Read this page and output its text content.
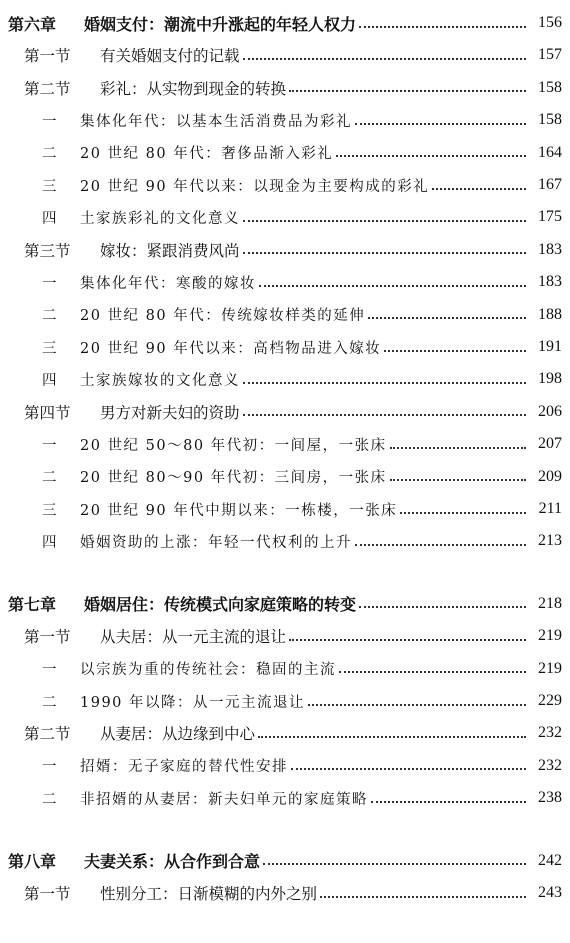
第六章	婚姻支付：潮流中升涨起的年轻人权力	156
第一节	有关婚姻支付的记载	157
第二节	彩礼：从实物到现金的转换	158
一	集体化年代：以基本生活消费品为彩礼	158
二	20 世纪 80 年代：奢侈品渐入彩礼	164
三	20 世纪 90 年代以来：以现金为主要构成的彩礼	167
四	土家族彩礼的文化意义	175
第三节	嫁妆：紧跟消费风尚	183
一	集体化年代：寒酸的嫁妆	183
二	20 世纪 80 年代：传统嫁妆样类的延伸	188
三	20 世纪 90 年代以来：高档物品进入嫁妆	191
四	土家族嫁妆的文化意义	198
第四节	男方对新夫妇的资助	206
一	20 世纪 50～80 年代初：一间屋，一张床	207
二	20 世纪 80～90 年代初：三间房，一张床	209
三	20 世纪 90 年代中期以来：一栋楼，一张床	211
四	婚姻资助的上涨：年轻一代权利的上升	213
第七章	婚姻居住：传统模式向家庭策略的转变	218
第一节	从夫居：从一元主流的退让	219
一	以宗族为重的传统社会：稳固的主流	219
二	1990 年以降：从一元主流退让	229
第二节	从妻居：从边缘到中心	232
一	招婿：无子家庭的替代性安排	232
二	非招婿的从妻居：新夫妇单元的家庭策略	238
第八章	夫妻关系：从合作到合意	242
第一节	性别分工：日渐模糊的内外之别	243
